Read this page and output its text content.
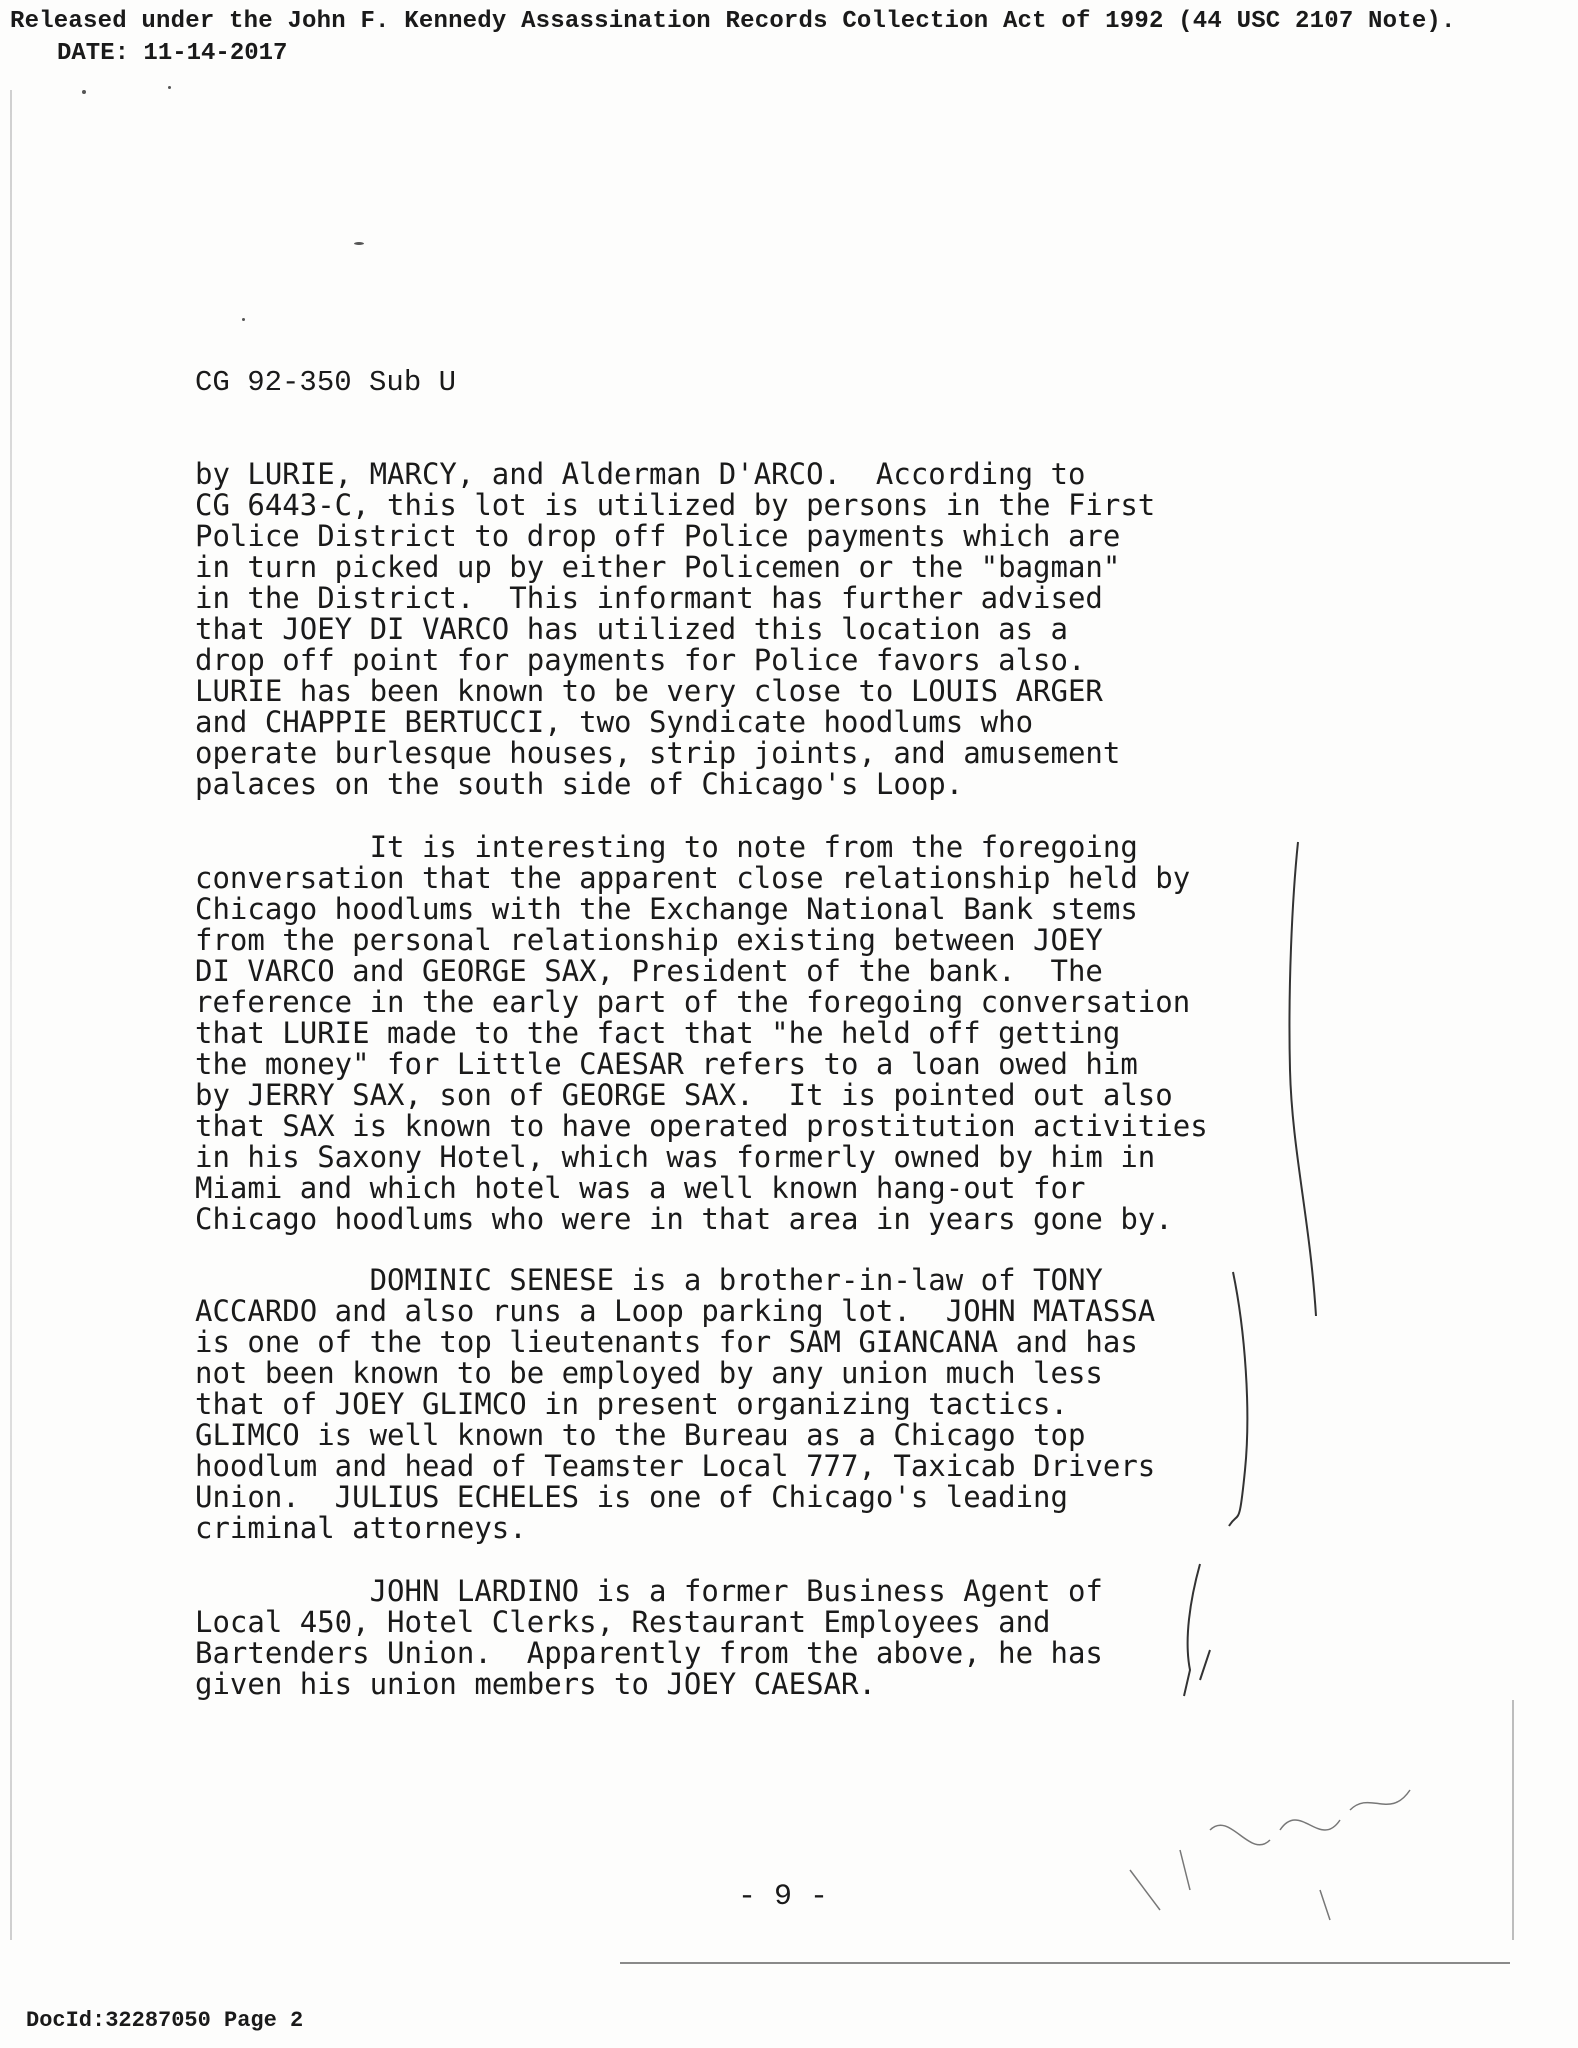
Released under the John F. Kennedy Assassination Records Collection Act of 1992 (44 USC 2107 Note).
DATE: 11-14-2017
CG 92-350 Sub U
by LURIE, MARCY, and Alderman D'ARCO.  According to
CG 6443-C, this lot is utilized by persons in the First
Police District to drop off Police payments which are
in turn picked up by either Policemen or the "bagman"
in the District.  This informant has further advised
that JOEY DI VARCO has utilized this location as a
drop off point for payments for Police favors also.
LURIE has been known to be very close to LOUIS ARGER
and CHAPPIE BERTUCCI, two Syndicate hoodlums who
operate burlesque houses, strip joints, and amusement
palaces on the south side of Chicago's Loop.
It is interesting to note from the foregoing
conversation that the apparent close relationship held by
Chicago hoodlums with the Exchange National Bank stems
from the personal relationship existing between JOEY
DI VARCO and GEORGE SAX, President of the bank.  The
reference in the early part of the foregoing conversation
that LURIE made to the fact that "he held off getting
the money" for Little CAESAR refers to a loan owed him
by JERRY SAX, son of GEORGE SAX.  It is pointed out also
that SAX is known to have operated prostitution activities
in his Saxony Hotel, which was formerly owned by him in
Miami and which hotel was a well known hang-out for
Chicago hoodlums who were in that area in years gone by.
DOMINIC SENESE is a brother-in-law of TONY
ACCARDO and also runs a Loop parking lot.  JOHN MATASSA
is one of the top lieutenants for SAM GIANCANA and has
not been known to be employed by any union much less
that of JOEY GLIMCO in present organizing tactics.
GLIMCO is well known to the Bureau as a Chicago top
hoodlum and head of Teamster Local 777, Taxicab Drivers
Union.  JULIUS ECHELES is one of Chicago's leading
criminal attorneys.
JOHN LARDINO is a former Business Agent of
Local 450, Hotel Clerks, Restaurant Employees and
Bartenders Union.  Apparently from the above, he has
given his union members to JOEY CAESAR.
- 9 -
DocId:32287050 Page 2
